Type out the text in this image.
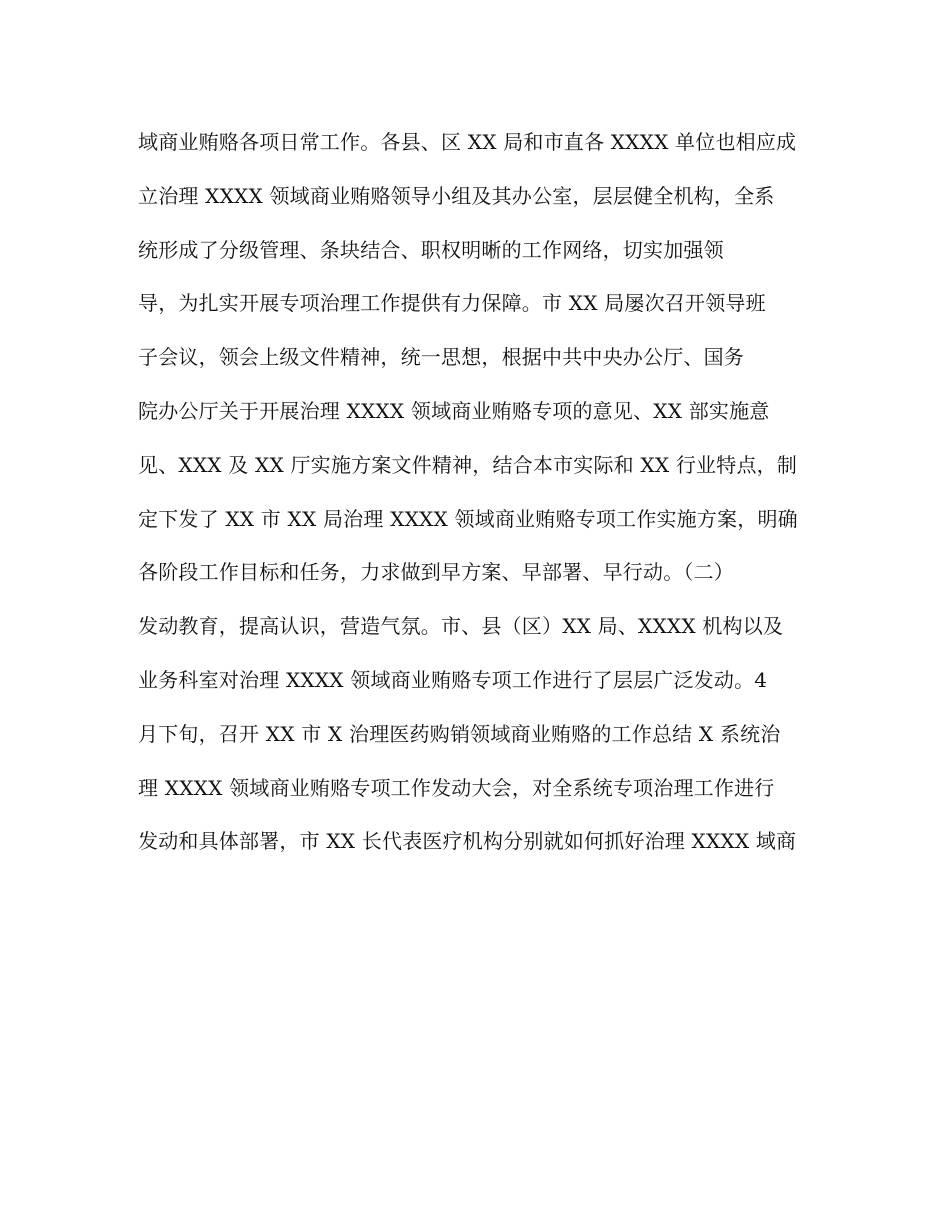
域商业贿赂各项日常工作。各县、区 XX 局和市直各 XXXX 单位也相应成
立治理 XXXX 领域商业贿赂领导小组及其办公室，层层健全机构，全系
统形成了分级管理、条块结合、职权明晰的工作网络，切实加强领
导，为扎实开展专项治理工作提供有力保障。市 XX 局屡次召开领导班
子会议，领会上级文件精神，统一思想，根据中共中央办公厅、国务
院办公厅关于开展治理 XXXX 领域商业贿赂专项的意见、XX 部实施意
见、XXX 及 XX 厅实施方案文件精神，结合本市实际和 XX 行业特点，制
定下发了 XX 市 XX 局治理 XXXX 领域商业贿赂专项工作实施方案，明确
各阶段工作目标和任务，力求做到早方案、早部署、早行动。（二）
发动教育，提高认识，营造气氛。市、县（区）XX 局、XXXX 机构以及
业务科室对治理 XXXX 领域商业贿赂专项工作进行了层层广泛发动。4
月下旬，召开 XX 市 X 治理医药购销领域商业贿赂的工作总结 X 系统治
理 XXXX 领域商业贿赂专项工作发动大会，对全系统专项治理工作进行
发动和具体部署，市 XX 长代表医疗机构分别就如何抓好治理 XXXX 域商
